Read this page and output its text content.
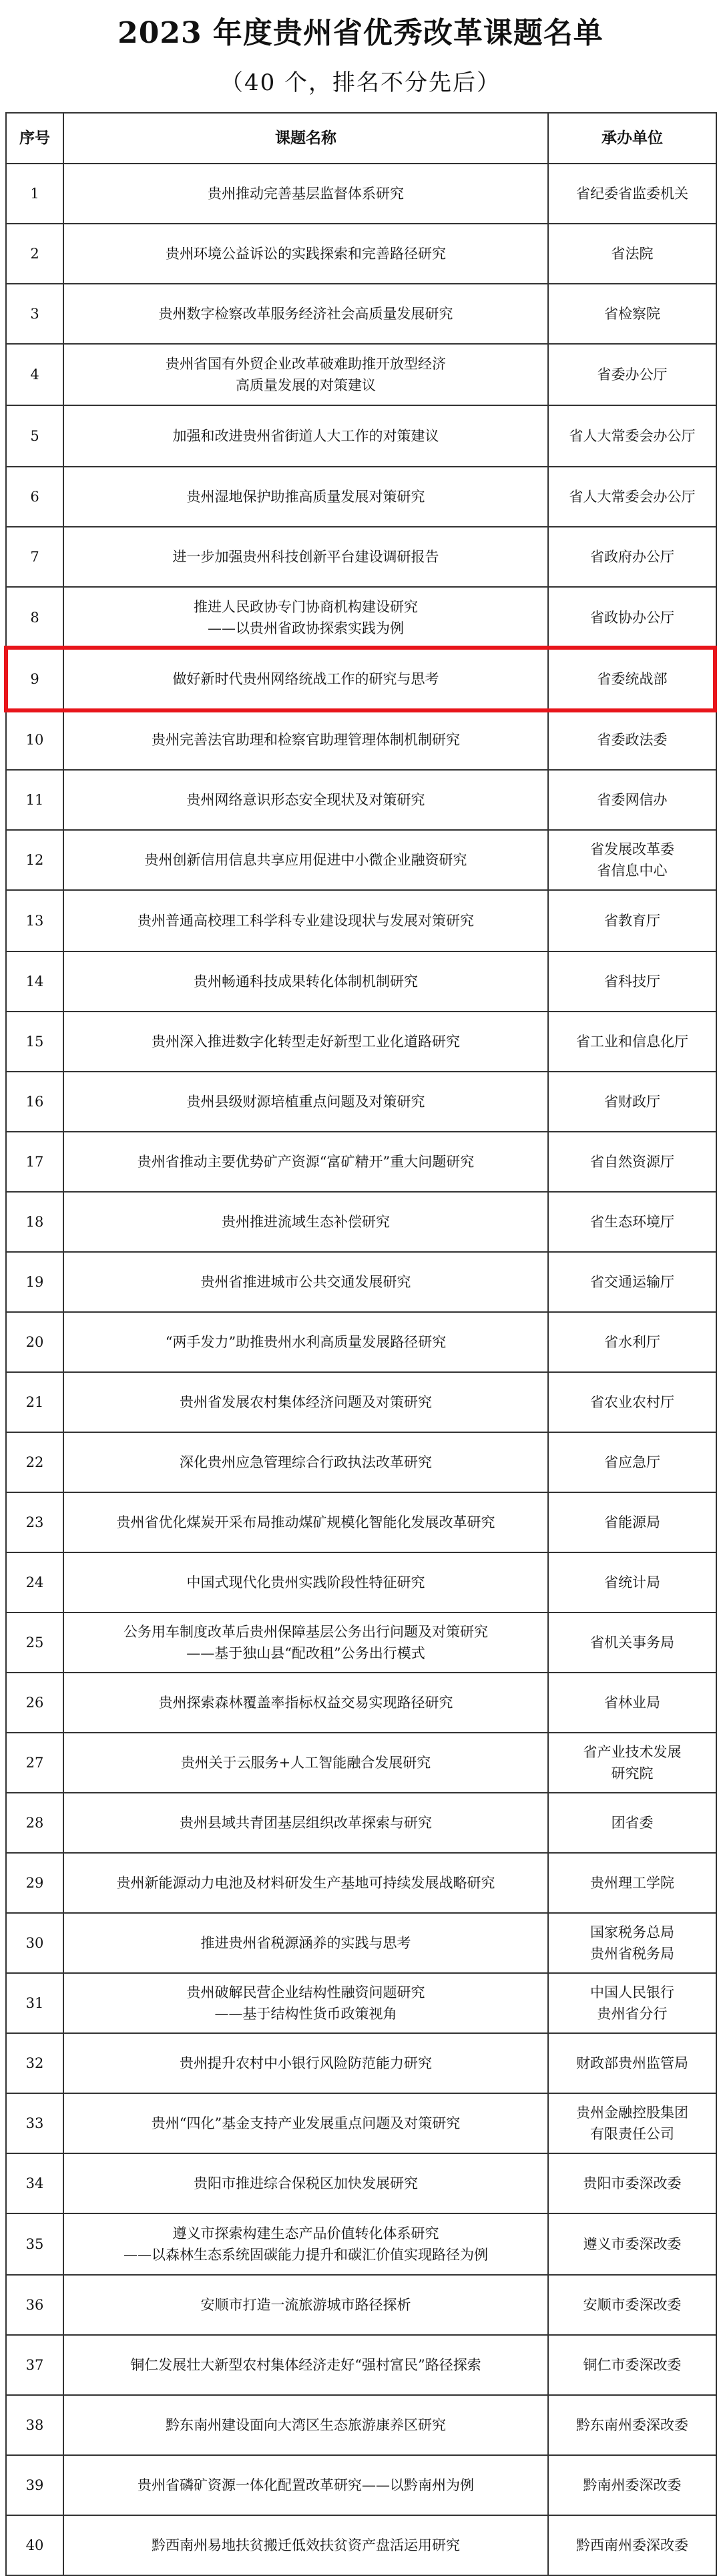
2023 年度贵州省优秀改革课题名单
（40 个，排名不分先后）
序号	课题名称	承办单位
1	贵州推动完善基层监督体系研究	省纪委省监委机关
2	贵州环境公益诉讼的实践探索和完善路径研究	省法院
3	贵州数字检察改革服务经济社会高质量发展研究	省检察院
4	贵州省国有外贸企业改革破难助推开放型经济
高质量发展的对策建议	省委办公厅
5	加强和改进贵州省街道人大工作的对策建议	省人大常委会办公厅
6	贵州湿地保护助推高质量发展对策研究	省人大常委会办公厅
7	进一步加强贵州科技创新平台建设调研报告	省政府办公厅
8	推进人民政协专门协商机构建设研究
——以贵州省政协探索实践为例	省政协办公厅
9	做好新时代贵州网络统战工作的研究与思考	省委统战部
10	贵州完善法官助理和检察官助理管理体制机制研究	省委政法委
11	贵州网络意识形态安全现状及对策研究	省委网信办
12	贵州创新信用信息共享应用促进中小微企业融资研究	省发展改革委
省信息中心
13	贵州普通高校理工科学科专业建设现状与发展对策研究	省教育厅
14	贵州畅通科技成果转化体制机制研究	省科技厅
15	贵州深入推进数字化转型走好新型工业化道路研究	省工业和信息化厅
16	贵州县级财源培植重点问题及对策研究	省财政厅
17	贵州省推动主要优势矿产资源“富矿精开”重大问题研究	省自然资源厅
18	贵州推进流域生态补偿研究	省生态环境厅
19	贵州省推进城市公共交通发展研究	省交通运输厅
20	“两手发力”助推贵州水利高质量发展路径研究	省水利厅
21	贵州省发展农村集体经济问题及对策研究	省农业农村厅
22	深化贵州应急管理综合行政执法改革研究	省应急厅
23	贵州省优化煤炭开采布局推动煤矿规模化智能化发展改革研究	省能源局
24	中国式现代化贵州实践阶段性特征研究	省统计局
25	公务用车制度改革后贵州保障基层公务出行问题及对策研究
——基于独山县“配改租”公务出行模式	省机关事务局
26	贵州探索森林覆盖率指标权益交易实现路径研究	省林业局
27	贵州关于云服务+人工智能融合发展研究	省产业技术发展
研究院
28	贵州县域共青团基层组织改革探索与研究	团省委
29	贵州新能源动力电池及材料研发生产基地可持续发展战略研究	贵州理工学院
30	推进贵州省税源涵养的实践与思考	国家税务总局
贵州省税务局
31	贵州破解民营企业结构性融资问题研究
——基于结构性货币政策视角	中国人民银行
贵州省分行
32	贵州提升农村中小银行风险防范能力研究	财政部贵州监管局
33	贵州“四化”基金支持产业发展重点问题及对策研究	贵州金融控股集团
有限责任公司
34	贵阳市推进综合保税区加快发展研究	贵阳市委深改委
35	遵义市探索构建生态产品价值转化体系研究
——以森林生态系统固碳能力提升和碳汇价值实现路径为例	遵义市委深改委
36	安顺市打造一流旅游城市路径探析	安顺市委深改委
37	铜仁发展壮大新型农村集体经济走好“强村富民”路径探索	铜仁市委深改委
38	黔东南州建设面向大湾区生态旅游康养区研究	黔东南州委深改委
39	贵州省磷矿资源一体化配置改革研究——以黔南州为例	黔南州委深改委
40	黔西南州易地扶贫搬迁低效扶贫资产盘活运用研究	黔西南州委深改委
